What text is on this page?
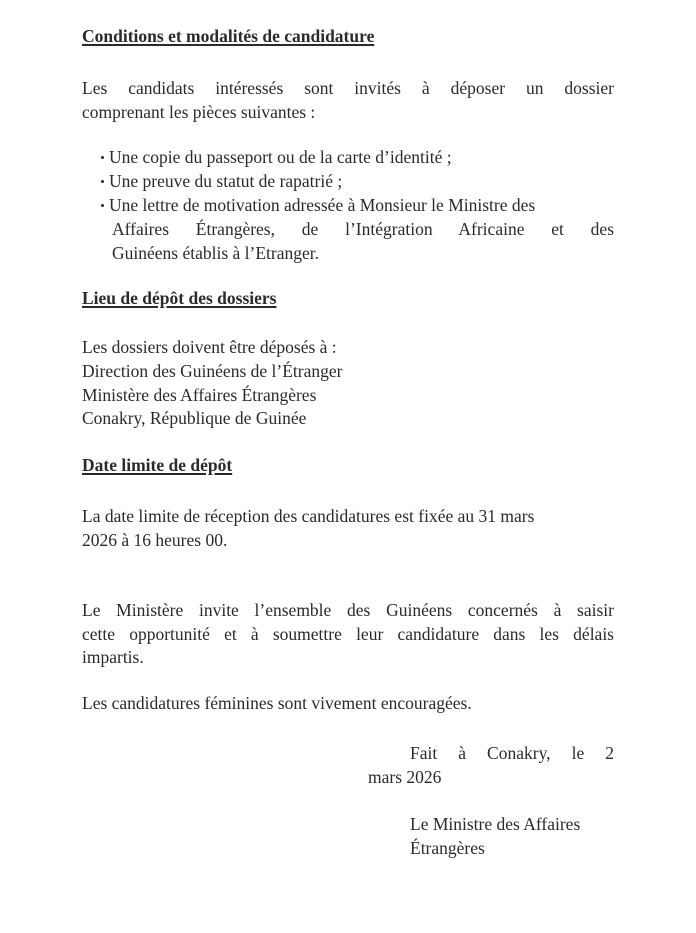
Conditions et modalités de candidature
Les candidats intéressés sont invités à déposer un dossier
comprenant les pièces suivantes :
Une copie du passeport ou de la carte d’identité ;
Une preuve du statut de rapatrié ;
Une lettre de motivation adressée à Monsieur le Ministre des
Affaires Étrangères, de l’Intégration Africaine et des
Guinéens établis à l’Etranger.
Lieu de dépôt des dossiers
Les dossiers doivent être déposés à :
Direction des Guinéens de l’Étranger
Ministère des Affaires Étrangères
Conakry, République de Guinée
Date limite de dépôt
La date limite de réception des candidatures est fixée au 31 mars
2026 à 16 heures 00.
Le Ministère invite l’ensemble des Guinéens concernés à saisir
cette opportunité et à soumettre leur candidature dans les délais
impartis.
Les candidatures féminines sont vivement encouragées.
Fait à Conakry, le 2
mars 2026
Le Ministre des Affaires
Étrangères
